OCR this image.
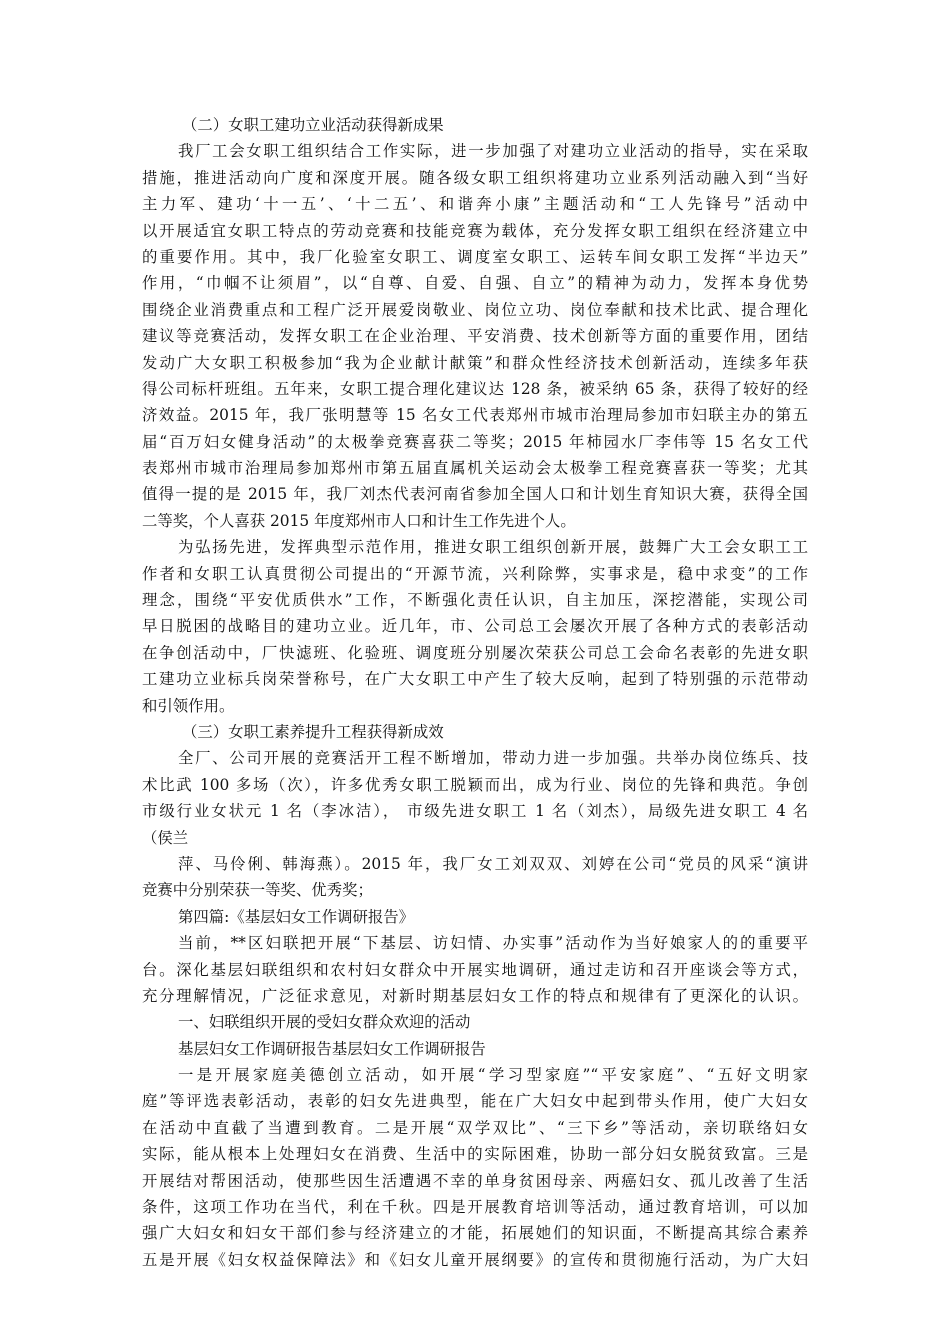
（二）女职工建功立业活动获得新成果
我厂工会女职工组织结合工作实际，进一步加强了对建功立业活动的指导，实在采取
措施，推进活动向广度和深度开展。随各级女职工组织将建功立业系列活动融入到“当好
主力军、建功‘十一五’、‘十二五’、和谐奔小康”主题活动和“工人先锋号”活动中
以开展适宜女职工特点的劳动竞赛和技能竞赛为载体，充分发挥女职工组织在经济建立中
的重要作用。其中，我厂化验室女职工、调度室女职工、运转车间女职工发挥“半边天”
作用，“巾帼不让须眉”，以“自尊、自爱、自强、自立”的精神为动力，发挥本身优势
围绕企业消费重点和工程广泛开展爱岗敬业、岗位立功、岗位奉献和技术比武、提合理化
建议等竞赛活动，发挥女职工在企业治理、平安消费、技术创新等方面的重要作用，团结
发动广大女职工积极参加“我为企业献计献策”和群众性经济技术创新活动，连续多年获
得公司标杆班组。五年来，女职工提合理化建议达 128 条，被采纳 65 条，获得了较好的经
济效益。2015 年，我厂张明慧等 15 名女工代表郑州市城市治理局参加市妇联主办的第五
届“百万妇女健身活动”的太极拳竞赛喜获二等奖；2015 年柿园水厂李伟等 15 名女工代
表郑州市城市治理局参加郑州市第五届直属机关运动会太极拳工程竞赛喜获一等奖；尤其
值得一提的是 2015 年，我厂刘杰代表河南省参加全国人口和计划生育知识大赛，获得全国
二等奖，个人喜获 2015 年度郑州市人口和计生工作先进个人。
为弘扬先进，发挥典型示范作用，推进女职工组织创新开展，鼓舞广大工会女职工工
作者和女职工认真贯彻公司提出的“开源节流，兴利除弊，实事求是，稳中求变”的工作
理念，围绕“平安优质供水”工作，不断强化责任认识，自主加压，深挖潜能，实现公司
早日脱困的战略目的建功立业。近几年，市、公司总工会屡次开展了各种方式的表彰活动
在争创活动中，厂快滤班、化验班、调度班分别屡次荣获公司总工会命名表彰的先进女职
工建功立业标兵岗荣誉称号，在广大女职工中产生了较大反响，起到了特别强的示范带动
和引领作用。
（三）女职工素养提升工程获得新成效
全厂、公司开展的竞赛活开工程不断增加，带动力进一步加强。共举办岗位练兵、技
术比武 100 多场（次），许多优秀女职工脱颖而出，成为行业、岗位的先锋和典范。争创
市级行业女状元 1 名（李冰洁）， 市级先进女职工 1 名（刘杰），局级先进女职工 4 名
（侯兰
萍、马伶俐、韩海燕）。2015 年，我厂女工刘双双、刘婷在公司“党员的风采“演讲
竞赛中分别荣获一等奖、优秀奖；
第四篇:《基层妇女工作调研报告》
当前，**区妇联把开展“下基层、访妇情、办实事”活动作为当好娘家人的的重要平
台。深化基层妇联组织和农村妇女群众中开展实地调研，通过走访和召开座谈会等方式，
充分理解情况，广泛征求意见，对新时期基层妇女工作的特点和规律有了更深化的认识。
一、妇联组织开展的受妇女群众欢迎的活动
基层妇女工作调研报告基层妇女工作调研报告
一是开展家庭美德创立活动，如开展“学习型家庭”“平安家庭”、“五好文明家
庭”等评选表彰活动，表彰的妇女先进典型，能在广大妇女中起到带头作用，使广大妇女
在活动中直截了当遭到教育。二是开展“双学双比”、“三下乡”等活动，亲切联络妇女
实际，能从根本上处理妇女在消费、生活中的实际困难，协助一部分妇女脱贫致富。三是
开展结对帮困活动，使那些因生活遭遇不幸的单身贫困母亲、两癌妇女、孤儿改善了生活
条件，这项工作功在当代，利在千秋。四是开展教育培训等活动，通过教育培训，可以加
强广大妇女和妇女干部们参与经济建立的才能，拓展她们的知识面，不断提高其综合素养
五是开展《妇女权益保障法》和《妇女儿童开展纲要》的宣传和贯彻施行活动，为广大妇
